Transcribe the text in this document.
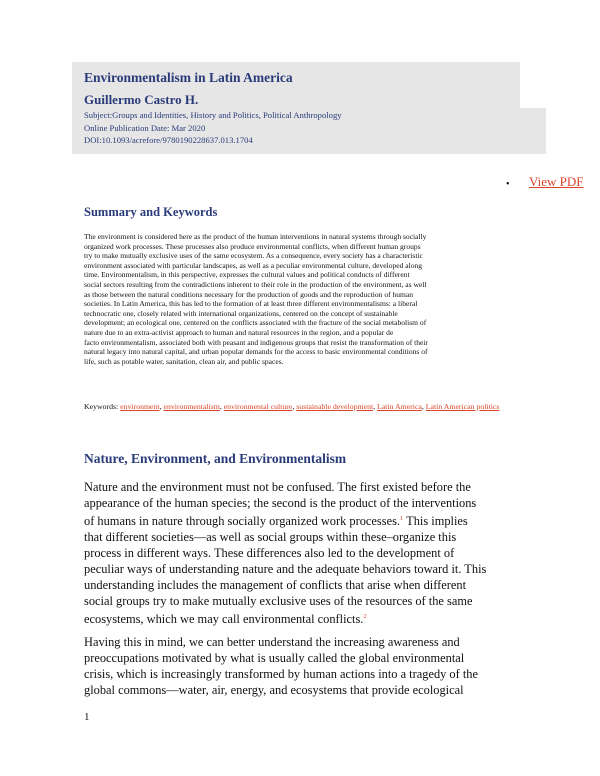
Environmentalism in Latin America
Guillermo Castro H.
Subject:Groups and Identities, History and Politics, Political Anthropology
Online Publication Date: Mar 2020
DOI:10.1093/acrefore/9780190228637.013.1704
• View PDF
Summary and Keywords
The environment is considered here as the product of the human interventions in natural systems through socially
organized work processes. These processes also produce environmental conflicts, when different human groups
try to make mutually exclusive uses of the same ecosystem. As a consequence, every society has a characteristic
environment associated with particular landscapes, as well as a peculiar environmental culture, developed along
time. Environmentalism, in this perspective, expresses the cultural values and political conducts of different
social sectors resulting from the contradictions inherent to their role in the production of the environment, as well
as those between the natural conditions necessary for the production of goods and the reproduction of human
societies. In Latin America, this has led to the formation of at least three different environmentalisms: a liberal
technocratic one, closely related with international organizations, centered on the concept of sustainable
development; an ecological one, centered on the conflicts associated with the fracture of the social metabolism of
nature due to an extra-activist approach to human and natural resources in the region, and a popular de
facto environmentalism, associated both with peasant and indigenous groups that resist the transformation of their
natural legacy into natural capital, and urban popular demands for the access to basic environmental conditions of
life, such as potable water, sanitation, clean air, and public spaces.
Keywords: environment, environmentalism, environmental culture, sustainable development, Latin America, Latin American politics
Nature, Environment, and Environmentalism
Nature and the environment must not be confused. The first existed before the
appearance of the human species; the second is the product of the interventions
of humans in nature through socially organized work processes.$^1$ This implies
that different societies—as well as social groups within these–organize this
process in different ways. These differences also led to the development of
peculiar ways of understanding nature and the adequate behaviors toward it. This
understanding includes the management of conflicts that arise when different
social groups try to make mutually exclusive uses of the resources of the same
ecosystems, which we may call environmental conflicts.$^2$
Having this in mind, we can better understand the increasing awareness and
preoccupations motivated by what is usually called the global environmental
crisis, which is increasingly transformed by human actions into a tragedy of the
global commons—water, air, energy, and ecosystems that provide ecological
1
